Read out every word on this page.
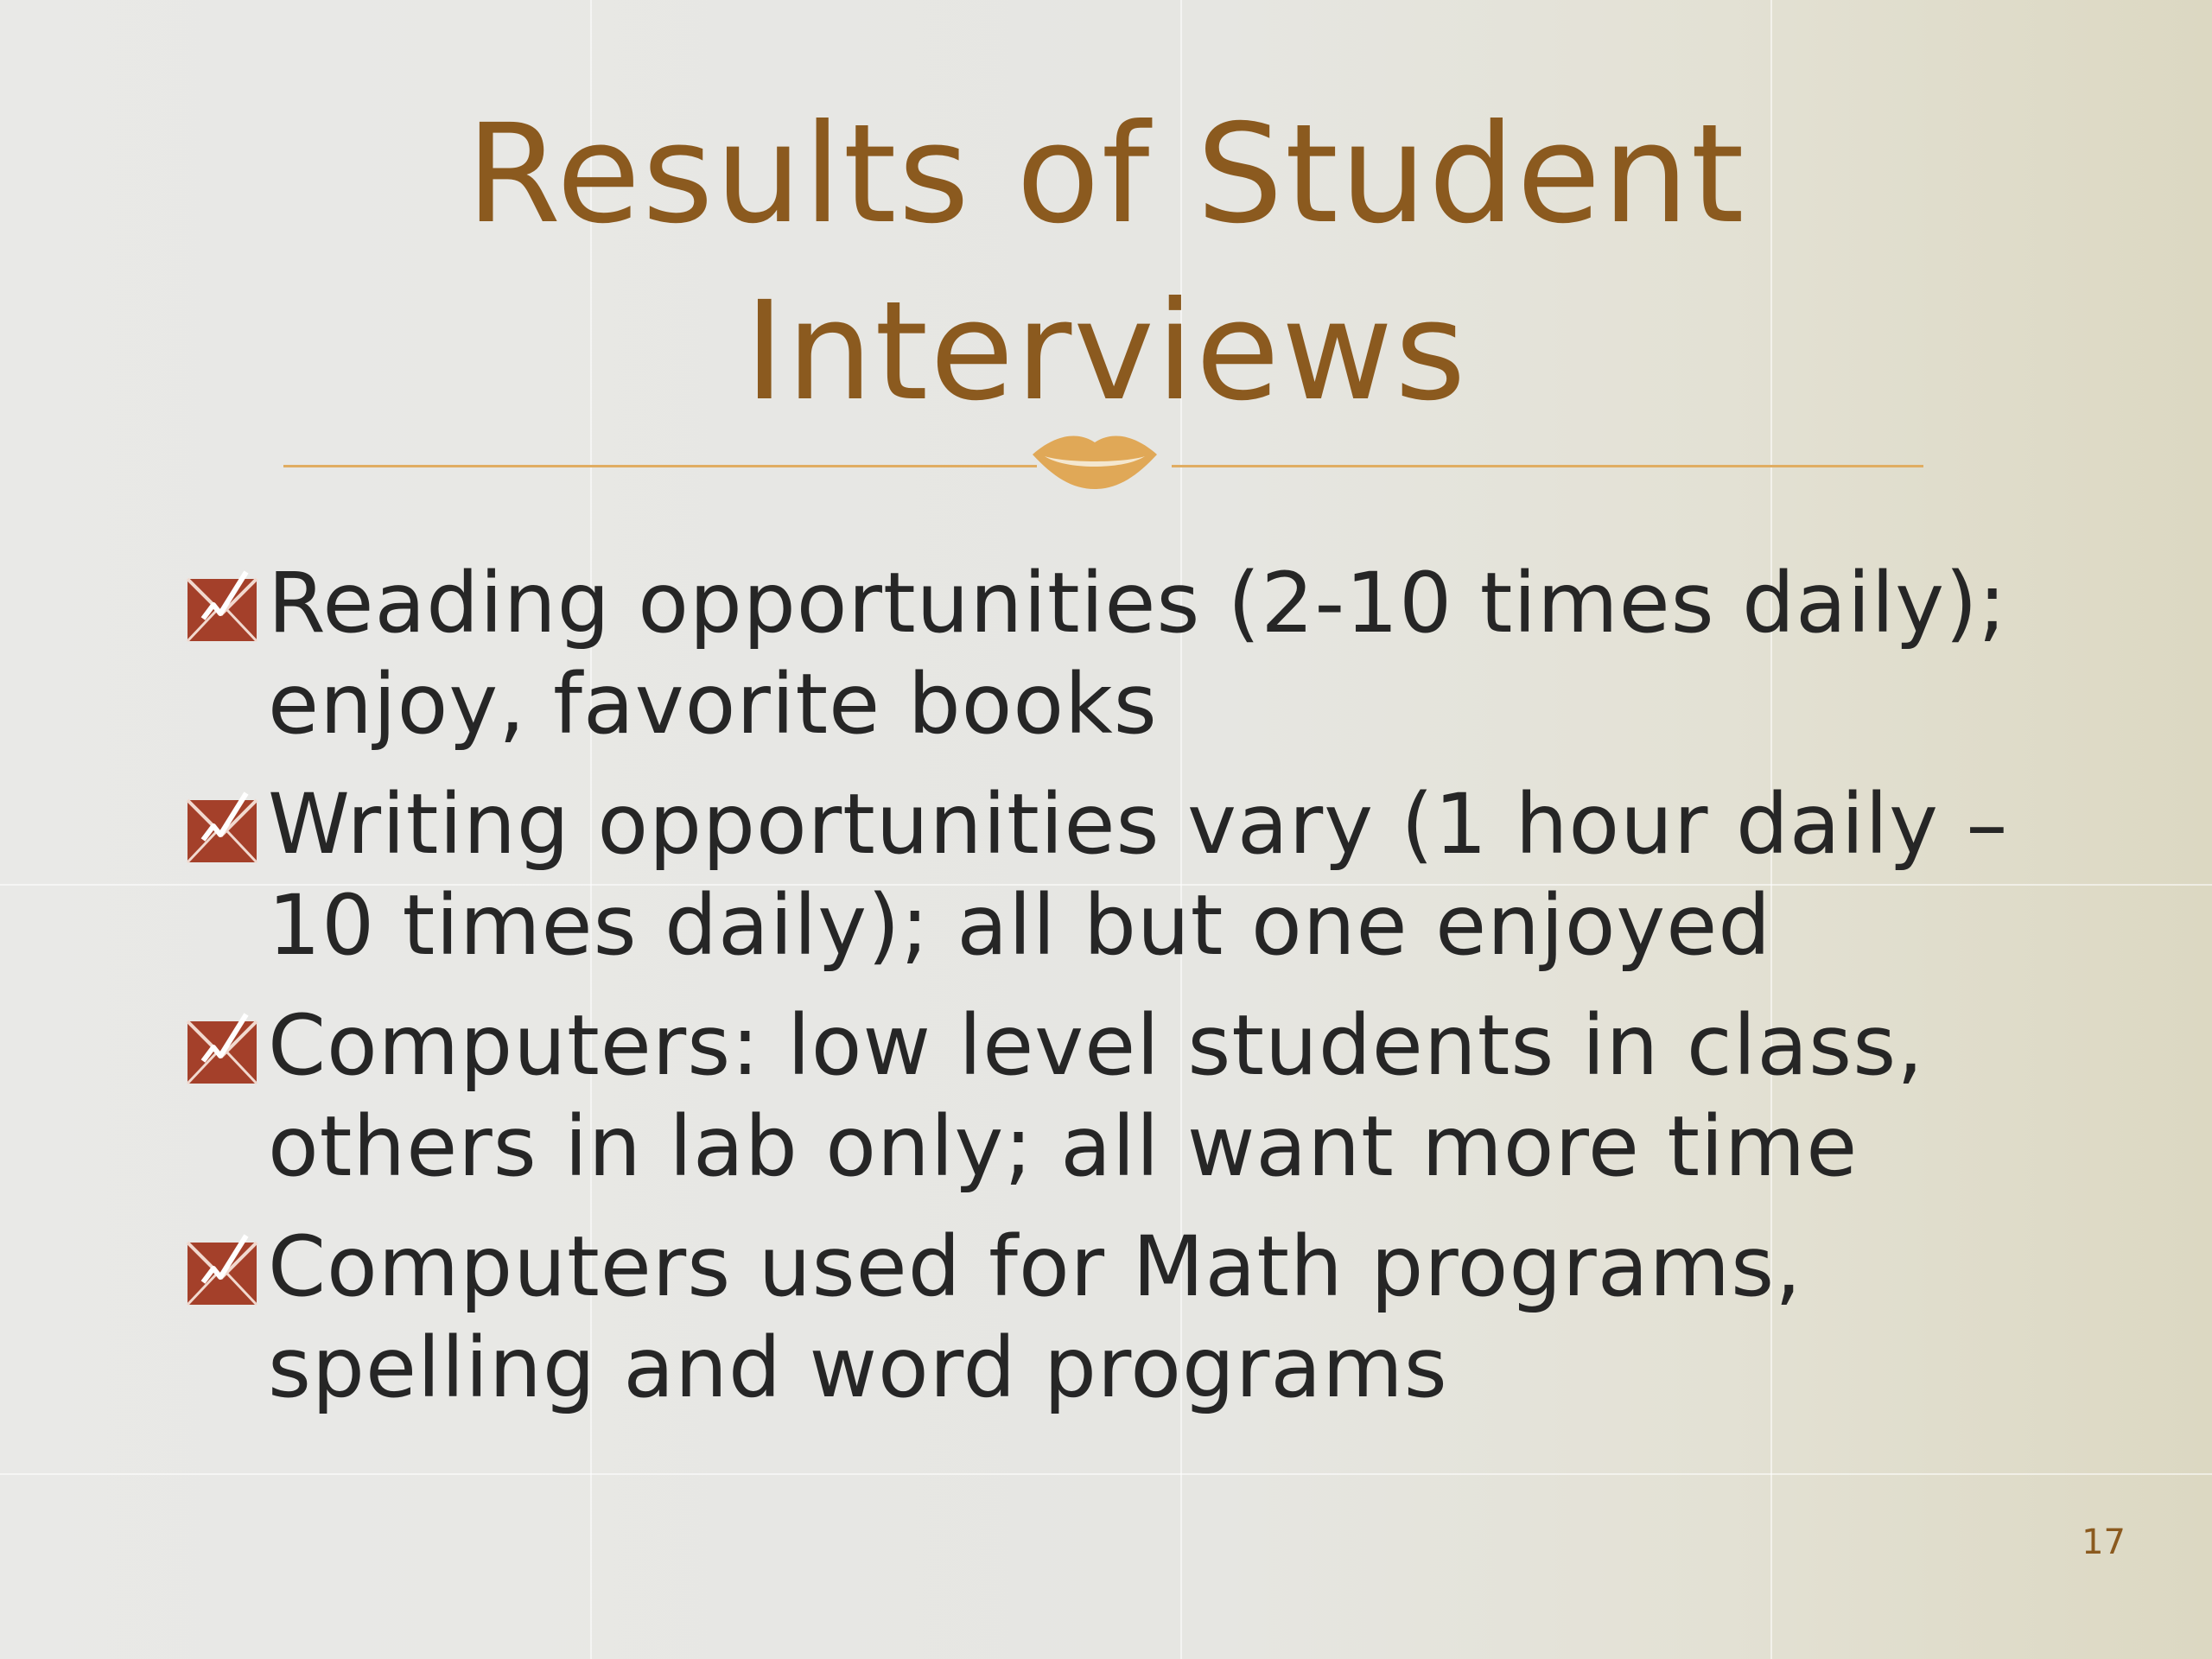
Results of Student
Interviews
Reading opportunities (2-10 times daily);
enjoy, favorite books
Writing opportunities vary (1 hour daily –
10 times daily); all but one enjoyed
Computers: low level students in class,
others in lab only; all want more time
Computers used for Math programs,
spelling and word programs
17
